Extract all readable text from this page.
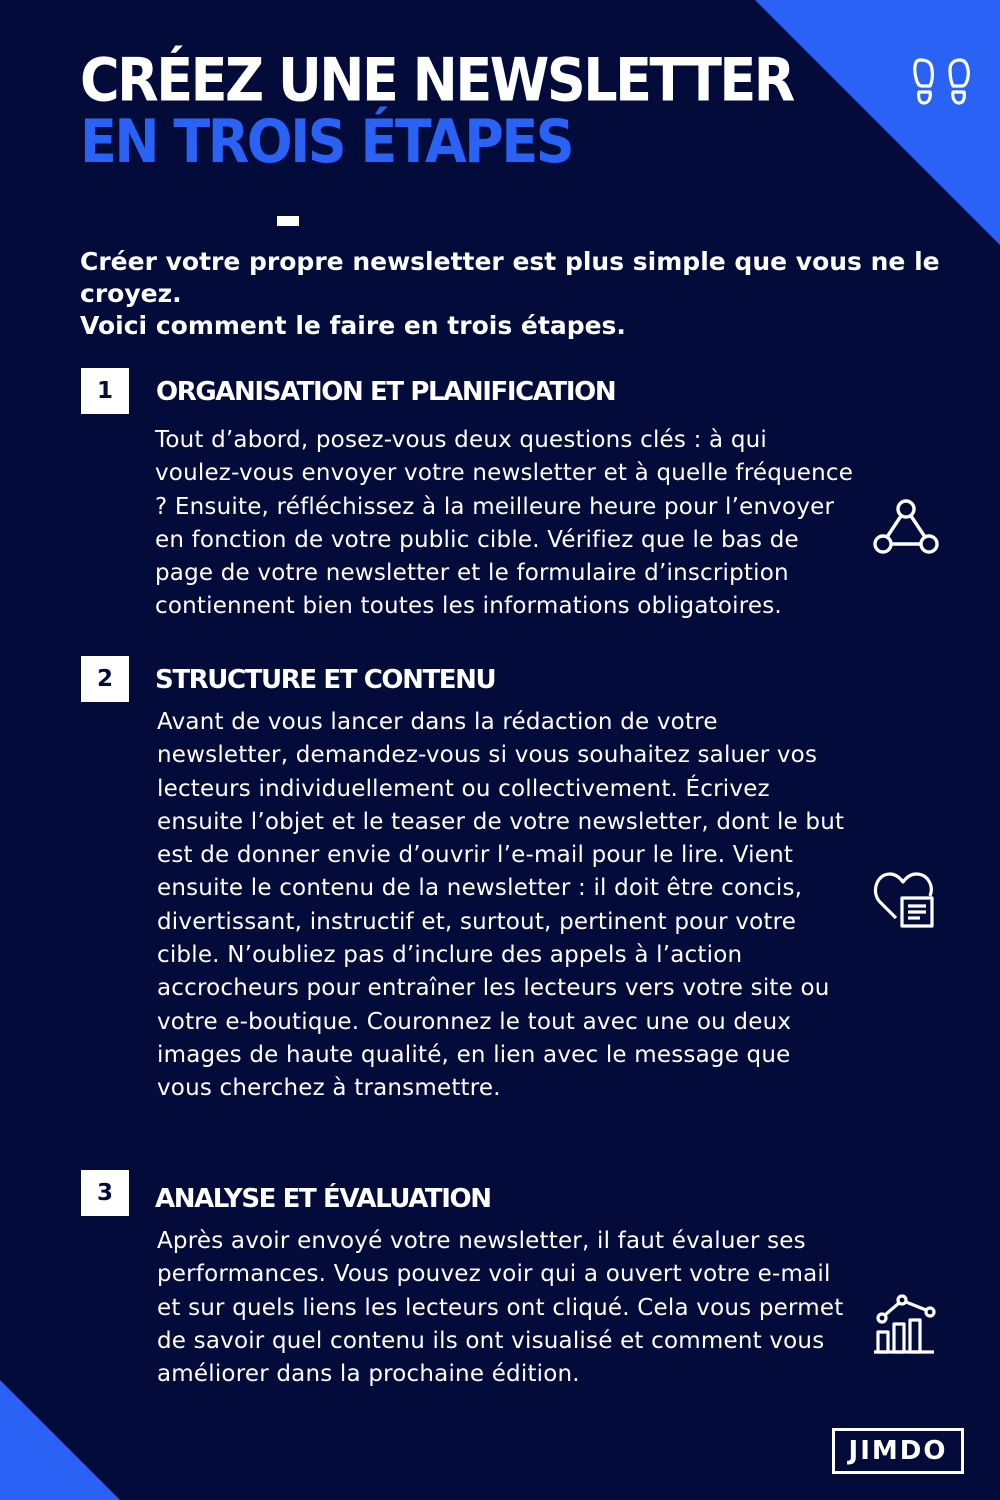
CRÉEZ UNE NEWSLETTER
EN TROIS ÉTAPES

Créer votre propre newsletter est plus simple que vous ne le croyez.
Voici comment le faire en trois étapes.

1	ORGANISATION ET PLANIFICATION

Tout d’abord, posez-vous deux questions clés : à qui voulez-vous envoyer votre newsletter et à quelle fréquence ? Ensuite, réfléchissez à la meilleure heure pour l’envoyer en fonction de votre public cible. Vérifiez que le bas de page de votre newsletter et le formulaire d’inscription contiennent bien toutes les informations obligatoires.

2	STRUCTURE ET CONTENU

Avant de vous lancer dans la rédaction de votre newsletter, demandez-vous si vous souhaitez saluer vos lecteurs individuellement ou collectivement. Écrivez ensuite l’objet et le teaser de votre newsletter, dont le but est de donner envie d’ouvrir l’e-mail pour le lire. Vient ensuite le contenu de la newsletter : il doit être concis, divertissant, instructif et, surtout, pertinent pour votre cible. N’oubliez pas d’inclure des appels à l’action accrocheurs pour entraîner les lecteurs vers votre site ou votre e-boutique. Couronnez le tout avec une ou deux images de haute qualité, en lien avec le message que vous cherchez à transmettre.

3	ANALYSE ET ÉVALUATION

Après avoir envoyé votre newsletter, il faut évaluer ses performances. Vous pouvez voir qui a ouvert votre e-mail et sur quels liens les lecteurs ont cliqué. Cela vous permet de savoir quel contenu ils ont visualisé et comment vous améliorer dans la prochaine édition.

JIMDO
